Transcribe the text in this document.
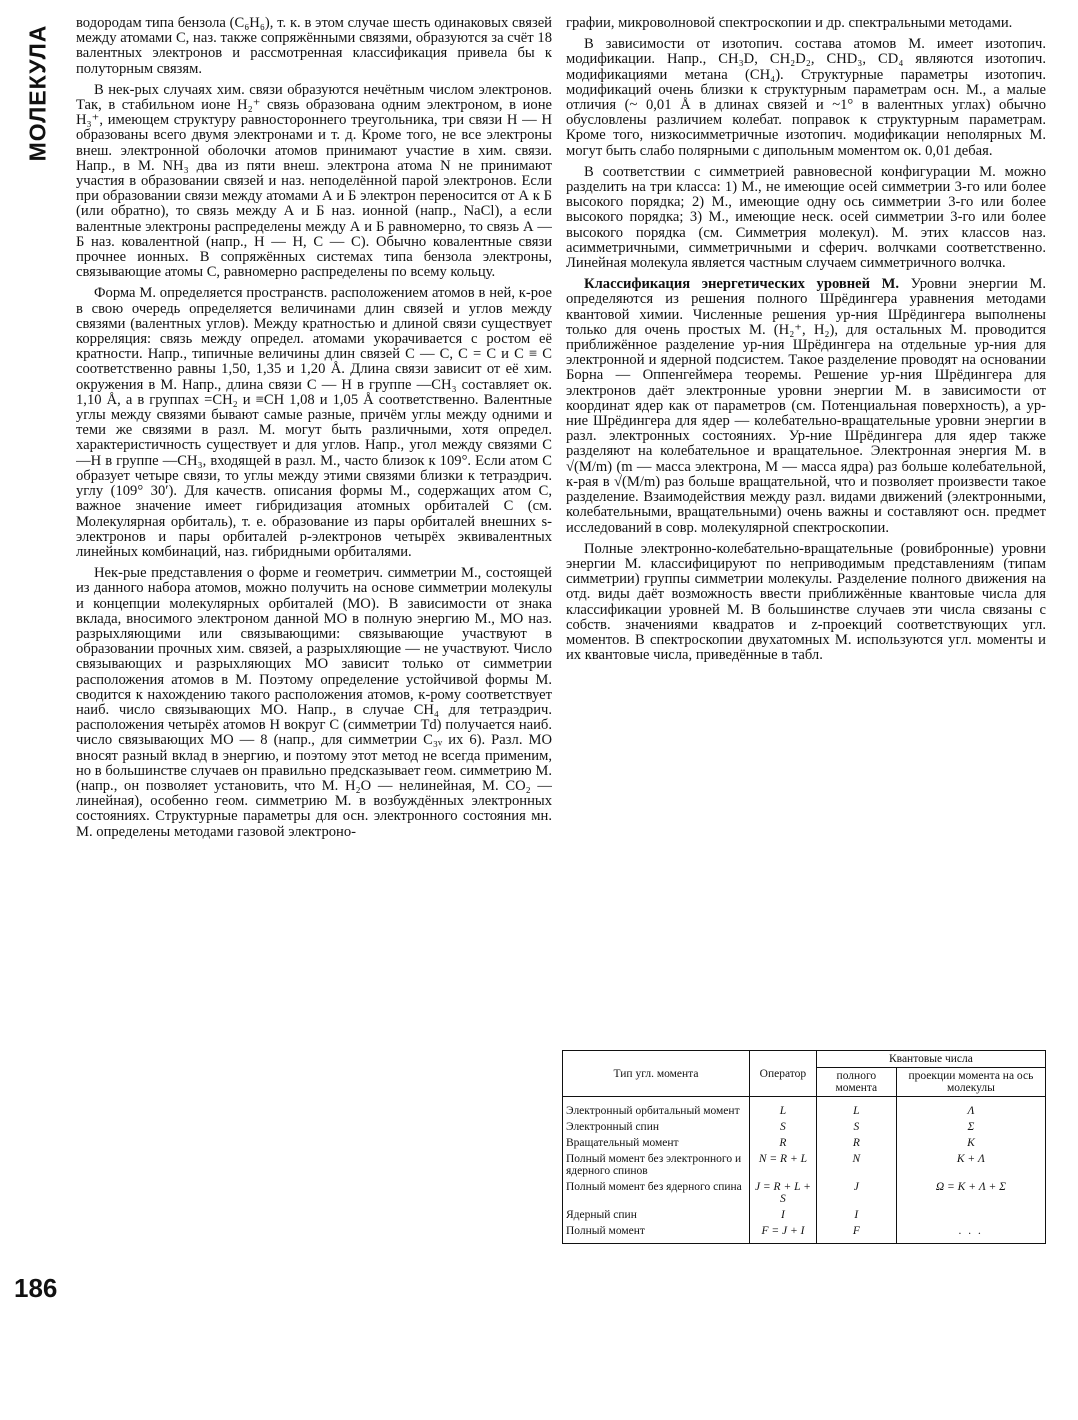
МОЛЕКУЛА
186

водородам типа бензола (C₆H₆), т. к. в этом случае шесть одинаковых связей между атомами C, наз. также сопряжёнными связями, образуются за счёт 18 валентных электронов и рассмотренная классификация привела бы к полуторным связям.

В нек-рых случаях хим. связи образуются нечётным числом электронов. Так, в стабильном ионе H₂⁺ связь образована одним электроном, в ионе H₃⁺, имеющем структуру равностороннего треугольника, три связи H — H образованы всего двумя электронами и т. д. Кроме того, не все электроны внеш. электронной оболочки атомов принимают участие в хим. связи. Напр., в М. NH₃ два из пяти внеш. электрона атома N не принимают участия в образовании связей и наз. неподелённой парой электронов. Если при образовании связи между атомами А и Б электрон переносится от А к Б (или обратно), то связь между А и Б наз. ионной (напр., NaCl), а если валентные электроны распределены между А и Б равномерно, то связь А — Б наз. ковалентной (напр., H — H, C — C). Обычно ковалентные связи прочнее ионных. В сопряжённых системах типа бензола электроны, связывающие атомы C, равномерно распределены по всему кольцу.

Форма М. определяется пространств. расположением атомов в ней, к-рое в свою очередь определяется величинами длин связей и углов между связями (валентных углов). Между кратностью и длиной связи существует корреляция: связь между определ. атомами укорачивается с ростом её кратности. Напр., типичные величины длин связей C — C, C = C и C ≡ C соответственно равны 1,50, 1,35 и 1,20 Å. Длина связи зависит от её хим. окружения в М. Напр., длина связи C — H в группе —CH₃ составляет ок. 1,10 Å, а в группах =CH₂ и ≡CH 1,08 и 1,05 Å соответственно. Валентные углы между связями бывают самые разные, причём углы между одними и теми же связями в разл. М. могут быть различными, хотя определ. характеристичность существует и для углов. Напр., угол между связями C—H в группе —CH₃, входящей в разл. М., часто близок к 109°. Если атом C образует четыре связи, то углы между этими связями близки к тетраэдрич. углу (109° 30′). Для качеств. описания формы М., содержащих атом C, важное значение имеет гибридизация атомных орбиталей C (см. Молекулярная орбиталь), т. е. образование из пары орбиталей внешних s-электронов и пары орбиталей p-электронов четырёх эквивалентных линейных комбинаций, наз. гибридными орбиталями.

Нек-рые представления о форме и геометрич. симметрии М., состоящей из данного набора атомов, можно получить на основе симметрии молекулы и концепции молекулярных орбиталей (МО). В зависимости от знака вклада, вносимого электроном данной МО в полную энергию М., МО наз. разрыхляющими или связывающими: связывающие участвуют в образовании прочных хим. связей, а разрыхляющие — не участвуют. Число связывающих и разрыхляющих МО зависит только от симметрии расположения атомов в М. Поэтому определение устойчивой формы М. сводится к нахождению такого расположения атомов, к-рому соответствует наиб. число связывающих МО. Напр., в случае CH₄ для тетраэдрич. расположения четырёх атомов H вокруг C (симметрии Td) получается наиб. число связывающих МО — 8 (напр., для симметрии C₃ᵥ их 6). Разл. МО вносят разный вклад в энергию, и поэтому этот метод не всегда применим, но в большинстве случаев он правильно предсказывает геом. симметрию М. (напр., он позволяет установить, что М. H₂O — нелинейная, М. CO₂ — линейная), особенно геом. симметрию М. в возбуждённых электронных состояниях. Структурные параметры для осн. электронного состояния мн. М. определены методами газовой электроно-

графии, микроволновой спектроскопии и др. спектральными методами.

В зависимости от изотопич. состава атомов М. имеет изотопич. модификации. Напр., CH₃D, CH₂D₂, CHD₃, CD₄ являются изотопич. модификациями метана (CH₄). Структурные параметры изотопич. модификаций очень близки к структурным параметрам осн. М., а малые отличия (~ 0,01 Å в длинах связей и ~1° в валентных углах) обычно обусловлены различием колебат. поправок к структурным параметрам. Кроме того, низкосимметричные изотопич. модификации неполярных М. могут быть слабо полярными с дипольным моментом ок. 0,01 дебая.

В соответствии с симметрией равновесной конфигурации М. можно разделить на три класса: 1) М., не имеющие осей симметрии 3-го или более высокого порядка; 2) М., имеющие одну ось симметрии 3-го или более высокого порядка; 3) М., имеющие неск. осей симметрии 3-го или более высокого порядка (см. Симметрия молекул). М. этих классов наз. асимметричными, симметричными и сферич. волчками соответственно. Линейная молекула является частным случаем симметричного волчка.

Классификация энергетических уровней М. Уровни энергии М. определяются из решения полного Шрёдингера уравнения методами квантовой химии. Численные решения ур-ния Шрёдингера выполнены только для очень простых М. (H₂⁺, H₂), для остальных М. проводится приближённое разделение ур-ния Шрёдингера на отдельные ур-ния для электронной и ядерной подсистем. Такое разделение проводят на основании Борна — Оппенгеймера теоремы. Решение ур-ния Шрёдингера для электронов даёт электронные уровни энергии М. в зависимости от координат ядер как от параметров (см. Потенциальная поверхность), а ур-ние Шрёдингера для ядер — колебательно-вращательные уровни энергии в разл. электронных состояниях. Ур-ние Шрёдингера для ядер также разделяют на колебательное и вращательное. Электронная энергия М. в √(M/m) (m — масса электрона, M — масса ядра) раз больше колебательной, к-рая в √(M/m) раз больше вращательной, что и позволяет произвести такое разделение. Взаимодействия между разл. видами движений (электронными, колебательными, вращательными) очень важны и составляют осн. предмет исследований в совр. молекулярной спектроскопии.

Полные электронно-колебательно-вращательные (ровибронные) уровни энергии М. классифицируют по неприводимым представлениям (типам симметрии) группы симметрии молекулы. Разделение полного движения на отд. виды даёт возможность ввести приближённые квантовые числа для классификации уровней М. В большинстве случаев эти числа связаны с собств. значениями квадратов и z-проекций соответствующих угл. моментов. В спектроскопии двухатомных М. используются угл. моменты и их квантовые числа, приведённые в табл.

Тип угл. момента	Оператор	Квантовые числа	
		полного момента	проекции момента на ось молекулы
Электронный орбитальный момент	L	L	Λ
Электронный спин	S	S	Σ
Вращательный момент	R	R	K
Полный момент без электронного и ядерного спинов	N = R + L	N	K + Λ
Полный момент без ядерного спина	J = R + L + S	J	Ω = K + Λ + Σ
Ядерный спин	I	I	
Полный момент	F = J + I	F	. . .
